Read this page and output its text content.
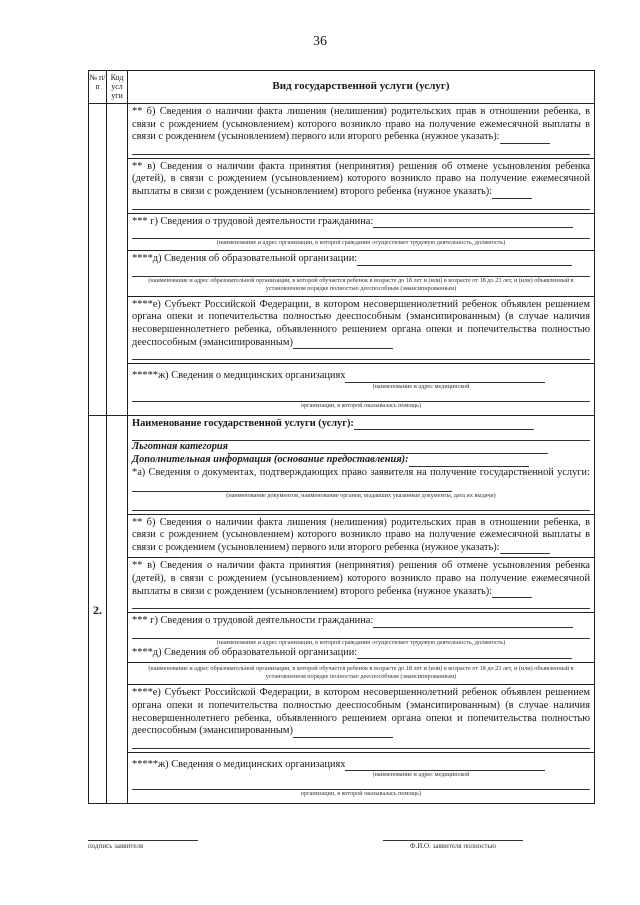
36
№ п/ п
Код усл уги
Вид государственной услуги (услуг)
** б) Сведения о наличии факта лишения (нелишения) родительских прав в отношении ребенка, в связи с рождением (усыновлением) которого возникло право на получение ежемесячной выплаты в связи с рождением (усыновлением) первого или второго ребенка (нужное указать):
** в) Сведения о наличии факта принятия (непринятия) решения об отмене усыновления ребенка (детей), в связи с рождением (усыновлением) которого возникло право на получение ежемесячной выплаты в связи с рождением (усыновлением) второго ребенка (нужное указать):
*** г) Сведения о трудовой деятельности гражданина:
(наименование и адрес организации, в которой гражданин осуществляет трудовую деятельность, должность)
****д) Сведения об образовательной организации:
(наименование и адрес образовательной организации, в которой обучается ребенок в возрасте до 18 лет и (или) в возрасте от 18 до 23 лет, и (или) объявленный в установленном порядке полностью дееспособным (эмансипированным)
****е) Субъект Российской Федерации, в котором несовершеннолетний ребенок объявлен решением органа опеки и попечительства полностью дееспособным (эмансипированным) (в случае наличия несовершеннолетнего ребенка, объявленного решением органа опеки и попечительства полностью дееспособным (эмансипированным)
*****ж) Сведения о медицинских организациях
(наименование и адрес медицинской
организации, в которой оказывалась помощь)
2.
Наименование государственной услуги (услуг):
Льготная категория
Дополнительная информация (основание предоставления):
*а) Сведения о документах, подтверждающих право заявителя на получение государственной услуги:
(наименование документов, наименование органов, выдавших указанные документы, дата их выдачи)
** б) Сведения о наличии факта лишения (нелишения) родительских прав в отношении ребенка, в связи с рождением (усыновлением) которого возникло право на получение ежемесячной выплаты в связи с рождением (усыновлением) первого или второго ребенка (нужное указать):
** в) Сведения о наличии факта принятия (непринятия) решения об отмене усыновления ребенка (детей), в связи с рождением (усыновлением) которого возникло право на получение ежемесячной выплаты в связи с рождением (усыновлением) второго ребенка (нужное указать):
*** г) Сведения о трудовой деятельности гражданина:
(наименование и адрес организации, в которой гражданин осуществляет трудовую деятельность, должность)
****д) Сведения об образовательной организации:
(наименование и адрес образовательной организации, в которой обучается ребенок в возрасте до 18 лет и (или) в возрасте от 18 до 23 лет, и (или) объявленный в установленном порядке полностью дееспособным (эмансипированным)
****е) Субъект Российской Федерации, в котором несовершеннолетний ребенок объявлен решением органа опеки и попечительства полностью дееспособным (эмансипированным) (в случае наличия несовершеннолетнего ребенка, объявленного решением органа опеки и попечительства полностью дееспособным (эмансипированным)
*****ж) Сведения о медицинских организациях
(наименование и адрес медицинской
организации, в которой оказывалась помощь)
подпись заявителя	Ф.И.О. заявителя полностью
